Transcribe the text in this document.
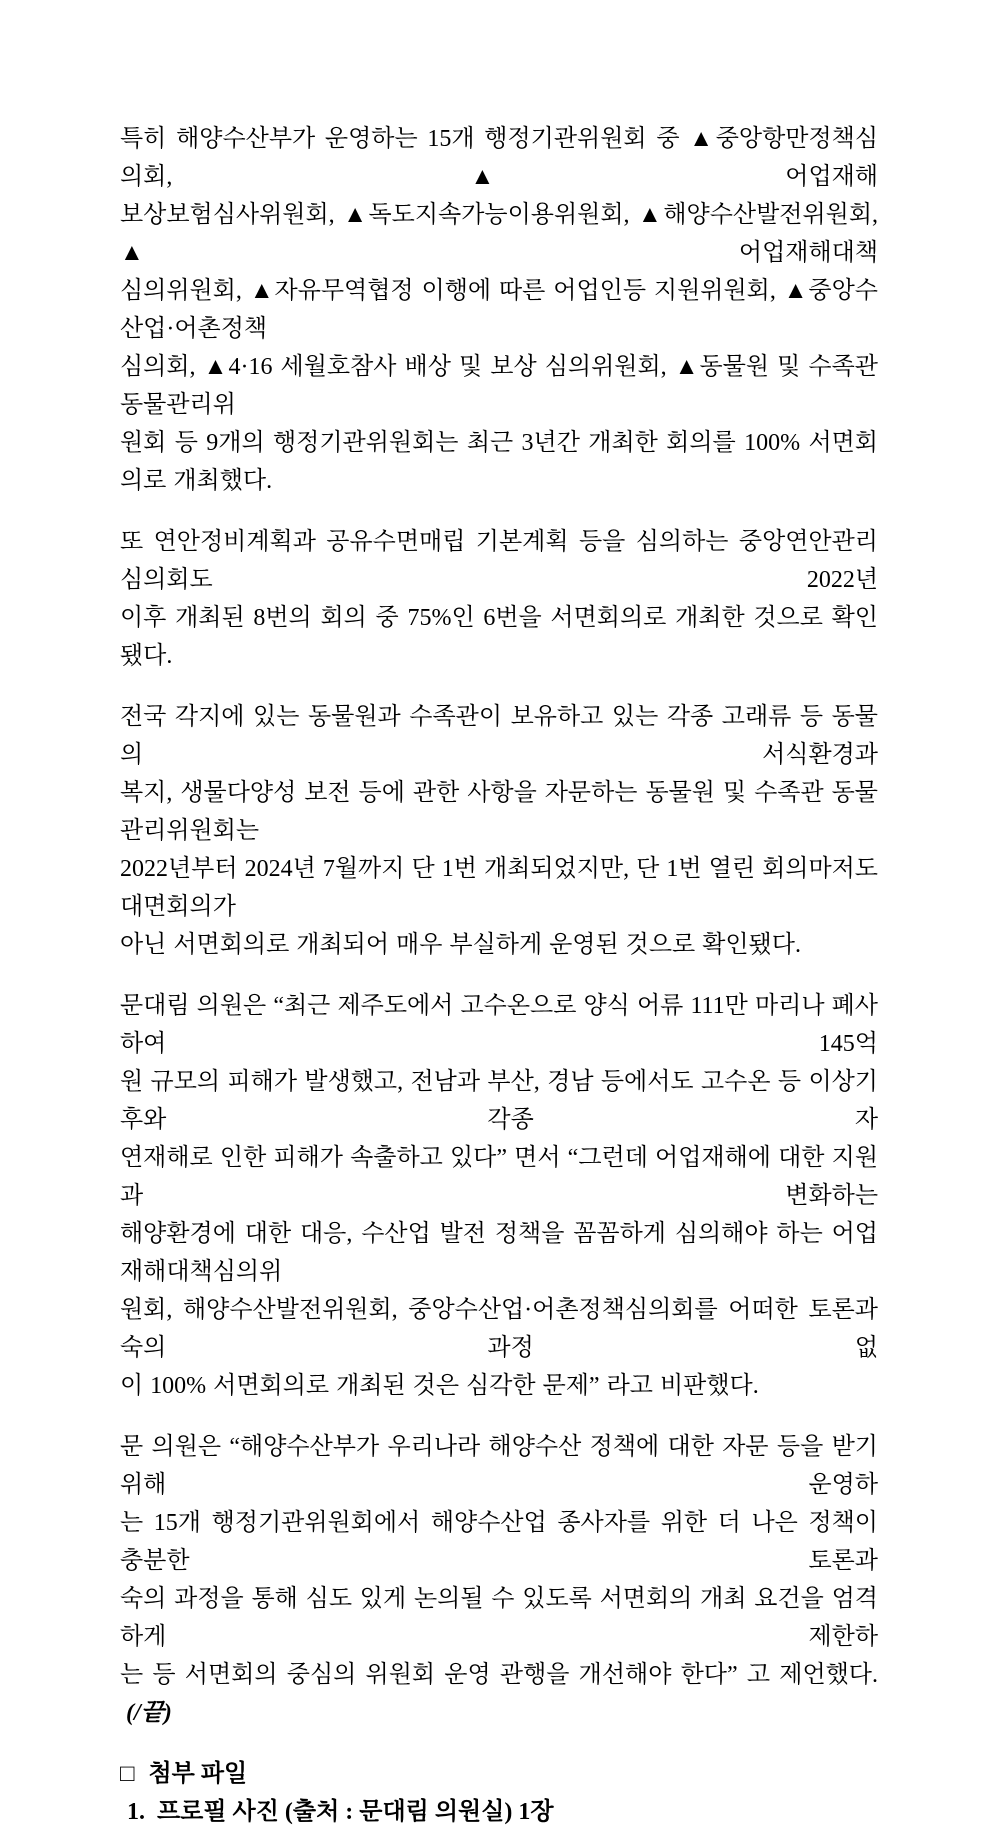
특히 해양수산부가 운영하는 15개 행정기관위원회 중 ▲중앙항만정책심의회, ▲어업재해
보상보험심사위원회, ▲독도지속가능이용위원회, ▲해양수산발전위원회, ▲어업재해대책
심의위원회, ▲자유무역협정 이행에 따른 어업인등 지원위원회, ▲중앙수산업·어촌정책
심의회, ▲4·16 세월호참사 배상 및 보상 심의위원회, ▲동물원 및 수족관 동물관리위
원회 등 9개의 행정기관위원회는 최근 3년간 개최한 회의를 100% 서면회의로 개최했다.
또 연안정비계획과 공유수면매립 기본계획 등을 심의하는 중앙연안관리심의회도 2022년
이후 개최된 8번의 회의 중 75%인 6번을 서면회의로 개최한 것으로 확인됐다.
전국 각지에 있는 동물원과 수족관이 보유하고 있는 각종 고래류 등 동물의 서식환경과
복지, 생물다양성 보전 등에 관한 사항을 자문하는 동물원 및 수족관 동물관리위원회는
2022년부터 2024년 7월까지 단 1번 개최되었지만, 단 1번 열린 회의마저도 대면회의가
아닌 서면회의로 개최되어 매우 부실하게 운영된 것으로 확인됐다.
문대림 의원은 “최근 제주도에서 고수온으로 양식 어류 111만 마리나 폐사하여 145억
원 규모의 피해가 발생했고, 전남과 부산, 경남 등에서도 고수온 등 이상기후와 각종 자
연재해로 인한 피해가 속출하고 있다” 면서 “그런데 어업재해에 대한 지원과 변화하는
해양환경에 대한 대응, 수산업 발전 정책을 꼼꼼하게 심의해야 하는 어업재해대책심의위
원회, 해양수산발전위원회, 중앙수산업·어촌정책심의회를 어떠한 토론과 숙의 과정 없
이 100% 서면회의로 개최된 것은 심각한 문제” 라고 비판했다.
문 의원은 “해양수산부가 우리나라 해양수산 정책에 대한 자문 등을 받기 위해 운영하
는 15개 행정기관위원회에서 해양수산업 종사자를 위한 더 나은 정책이 충분한 토론과
숙의 과정을 통해 심도 있게 논의될 수 있도록 서면회의 개최 요건을 엄격하게 제한하
는 등 서면회의 중심의 위원회 운영 관행을 개선해야 한다” 고 제언했다. (/끝)
□ 첨부 파일
1. 프로필 사진 (출처 : 문대림 의원실) 1장
